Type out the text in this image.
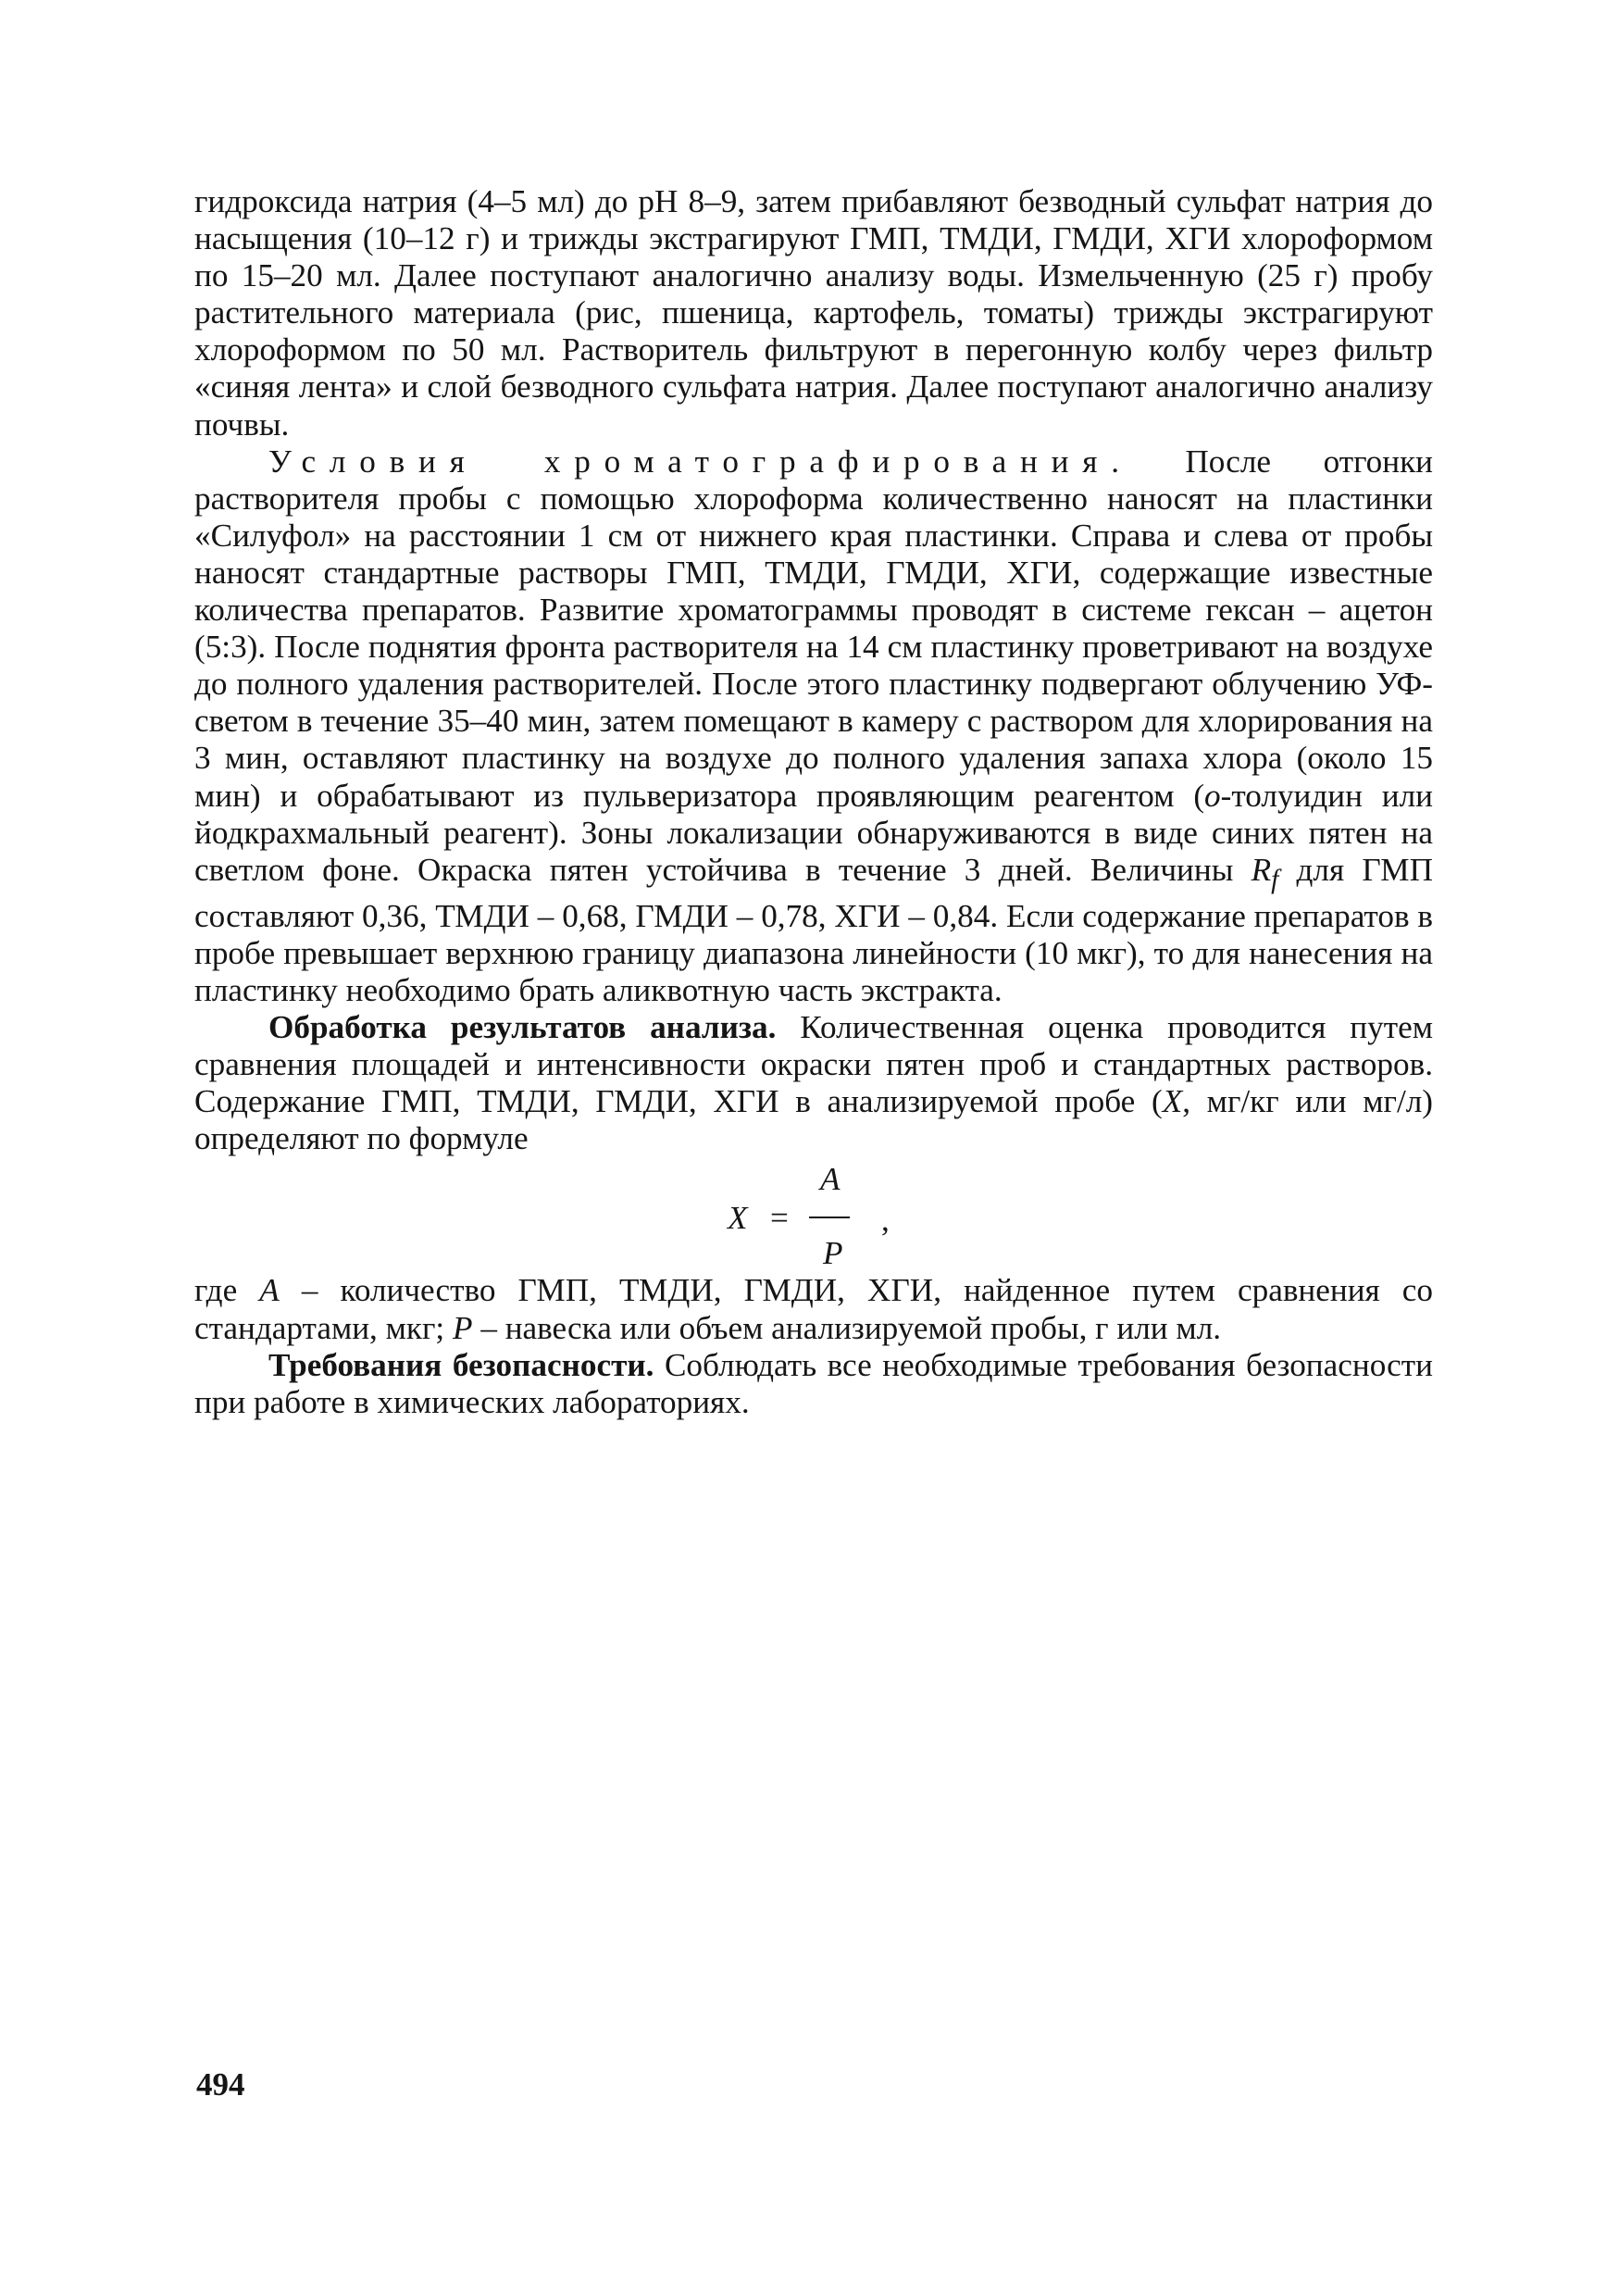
гидроксида натрия (4–5 мл) до pH 8–9, затем прибавляют безводный сульфат натрия до насыщения (10–12 г) и трижды экстрагируют ГМП, ТМДИ, ГМДИ, ХГИ хлороформом по 15–20 мл. Далее поступают аналогично анализу воды. Измельченную (25 г) пробу растительного материала (рис, пшеница, картофель, томаты) трижды экстрагируют хлороформом по 50 мл. Растворитель фильтруют в перегонную колбу через фильтр «синяя лента» и слой безводного сульфата натрия. Далее поступают аналогично анализу почвы.

Условия хроматографирования. После отгонки растворителя пробы с помощью хлороформа количественно наносят на пластинки «Силуфол» на расстоянии 1 см от нижнего края пластинки. Справа и слева от пробы наносят стандартные растворы ГМП, ТМДИ, ГМДИ, ХГИ, содержащие известные количества препаратов. Развитие хроматограммы проводят в системе гексан – ацетон (5:3). После поднятия фронта растворителя на 14 см пластинку проветривают на воздухе до полного удаления растворителей. После этого пластинку подвергают облучению УФ-светом в течение 35–40 мин, затем помещают в камеру с раствором для хлорирования на 3 мин, оставляют пластинку на воздухе до полного удаления запаха хлора (около 15 мин) и обрабатывают из пульверизатора проявляющим реагентом (о-толуидин или йодкрахмальный реагент). Зоны локализации обнаруживаются в виде синих пятен на светлом фоне. Окраска пятен устойчива в течение 3 дней. Величины $R_f$ для ГМП составляют 0,36, ТМДИ – 0,68, ГМДИ – 0,78, ХГИ – 0,84. Если содержание препаратов в пробе превышает верхнюю границу диапазона линейности (10 мкг), то для нанесения на пластинку необходимо брать аликвотную часть экстракта.

Обработка результатов анализа. Количественная оценка проводится путем сравнения площадей и интенсивности окраски пятен проб и стандартных растворов. Содержание ГМП, ТМДИ, ГМДИ, ХГИ в анализируемой пробе (X, мг/кг или мг/л) определяют по формуле

X =
A
P
,

где A – количество ГМП, ТМДИ, ГМДИ, ХГИ, найденное путем сравнения со стандартами, мкг; P – навеска или объем анализируемой пробы, г или мл.

Требования безопасности. Соблюдать все необходимые требования безопасности при работе в химических лабораториях.

494
